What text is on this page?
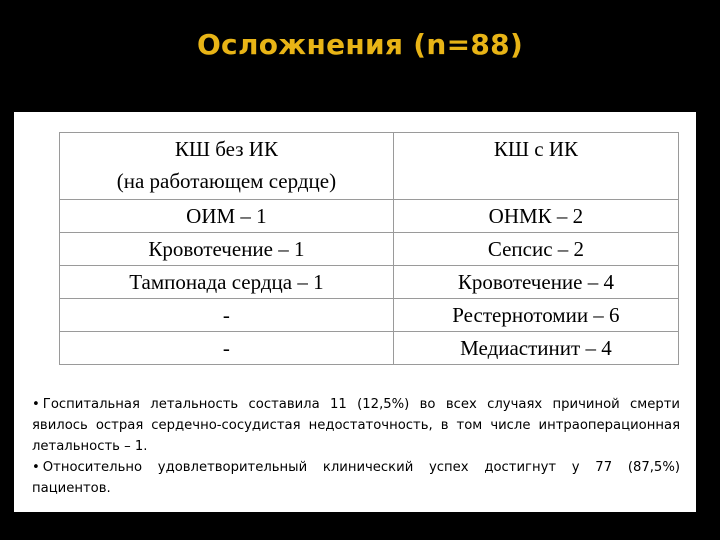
Осложнения (n=88)
КШ без ИК
(на работающем сердце)	КШ с ИК
ОИМ – 1	ОНМК – 2
Кровотечение – 1	Сепсис – 2
Тампонада сердца – 1	Кровотечение – 4
-	Рестернотомии – 6
-	Медиастинит – 4

• Госпитальная летальность составила 11 (12,5%) во всех случаях причиной смерти явилось острая сердечно-сосудистая недостаточность, в том числе интраоперационная летальность – 1.

• Относительно удовлетворительный клинический успех достигнут у 77 (87,5%) пациентов.
